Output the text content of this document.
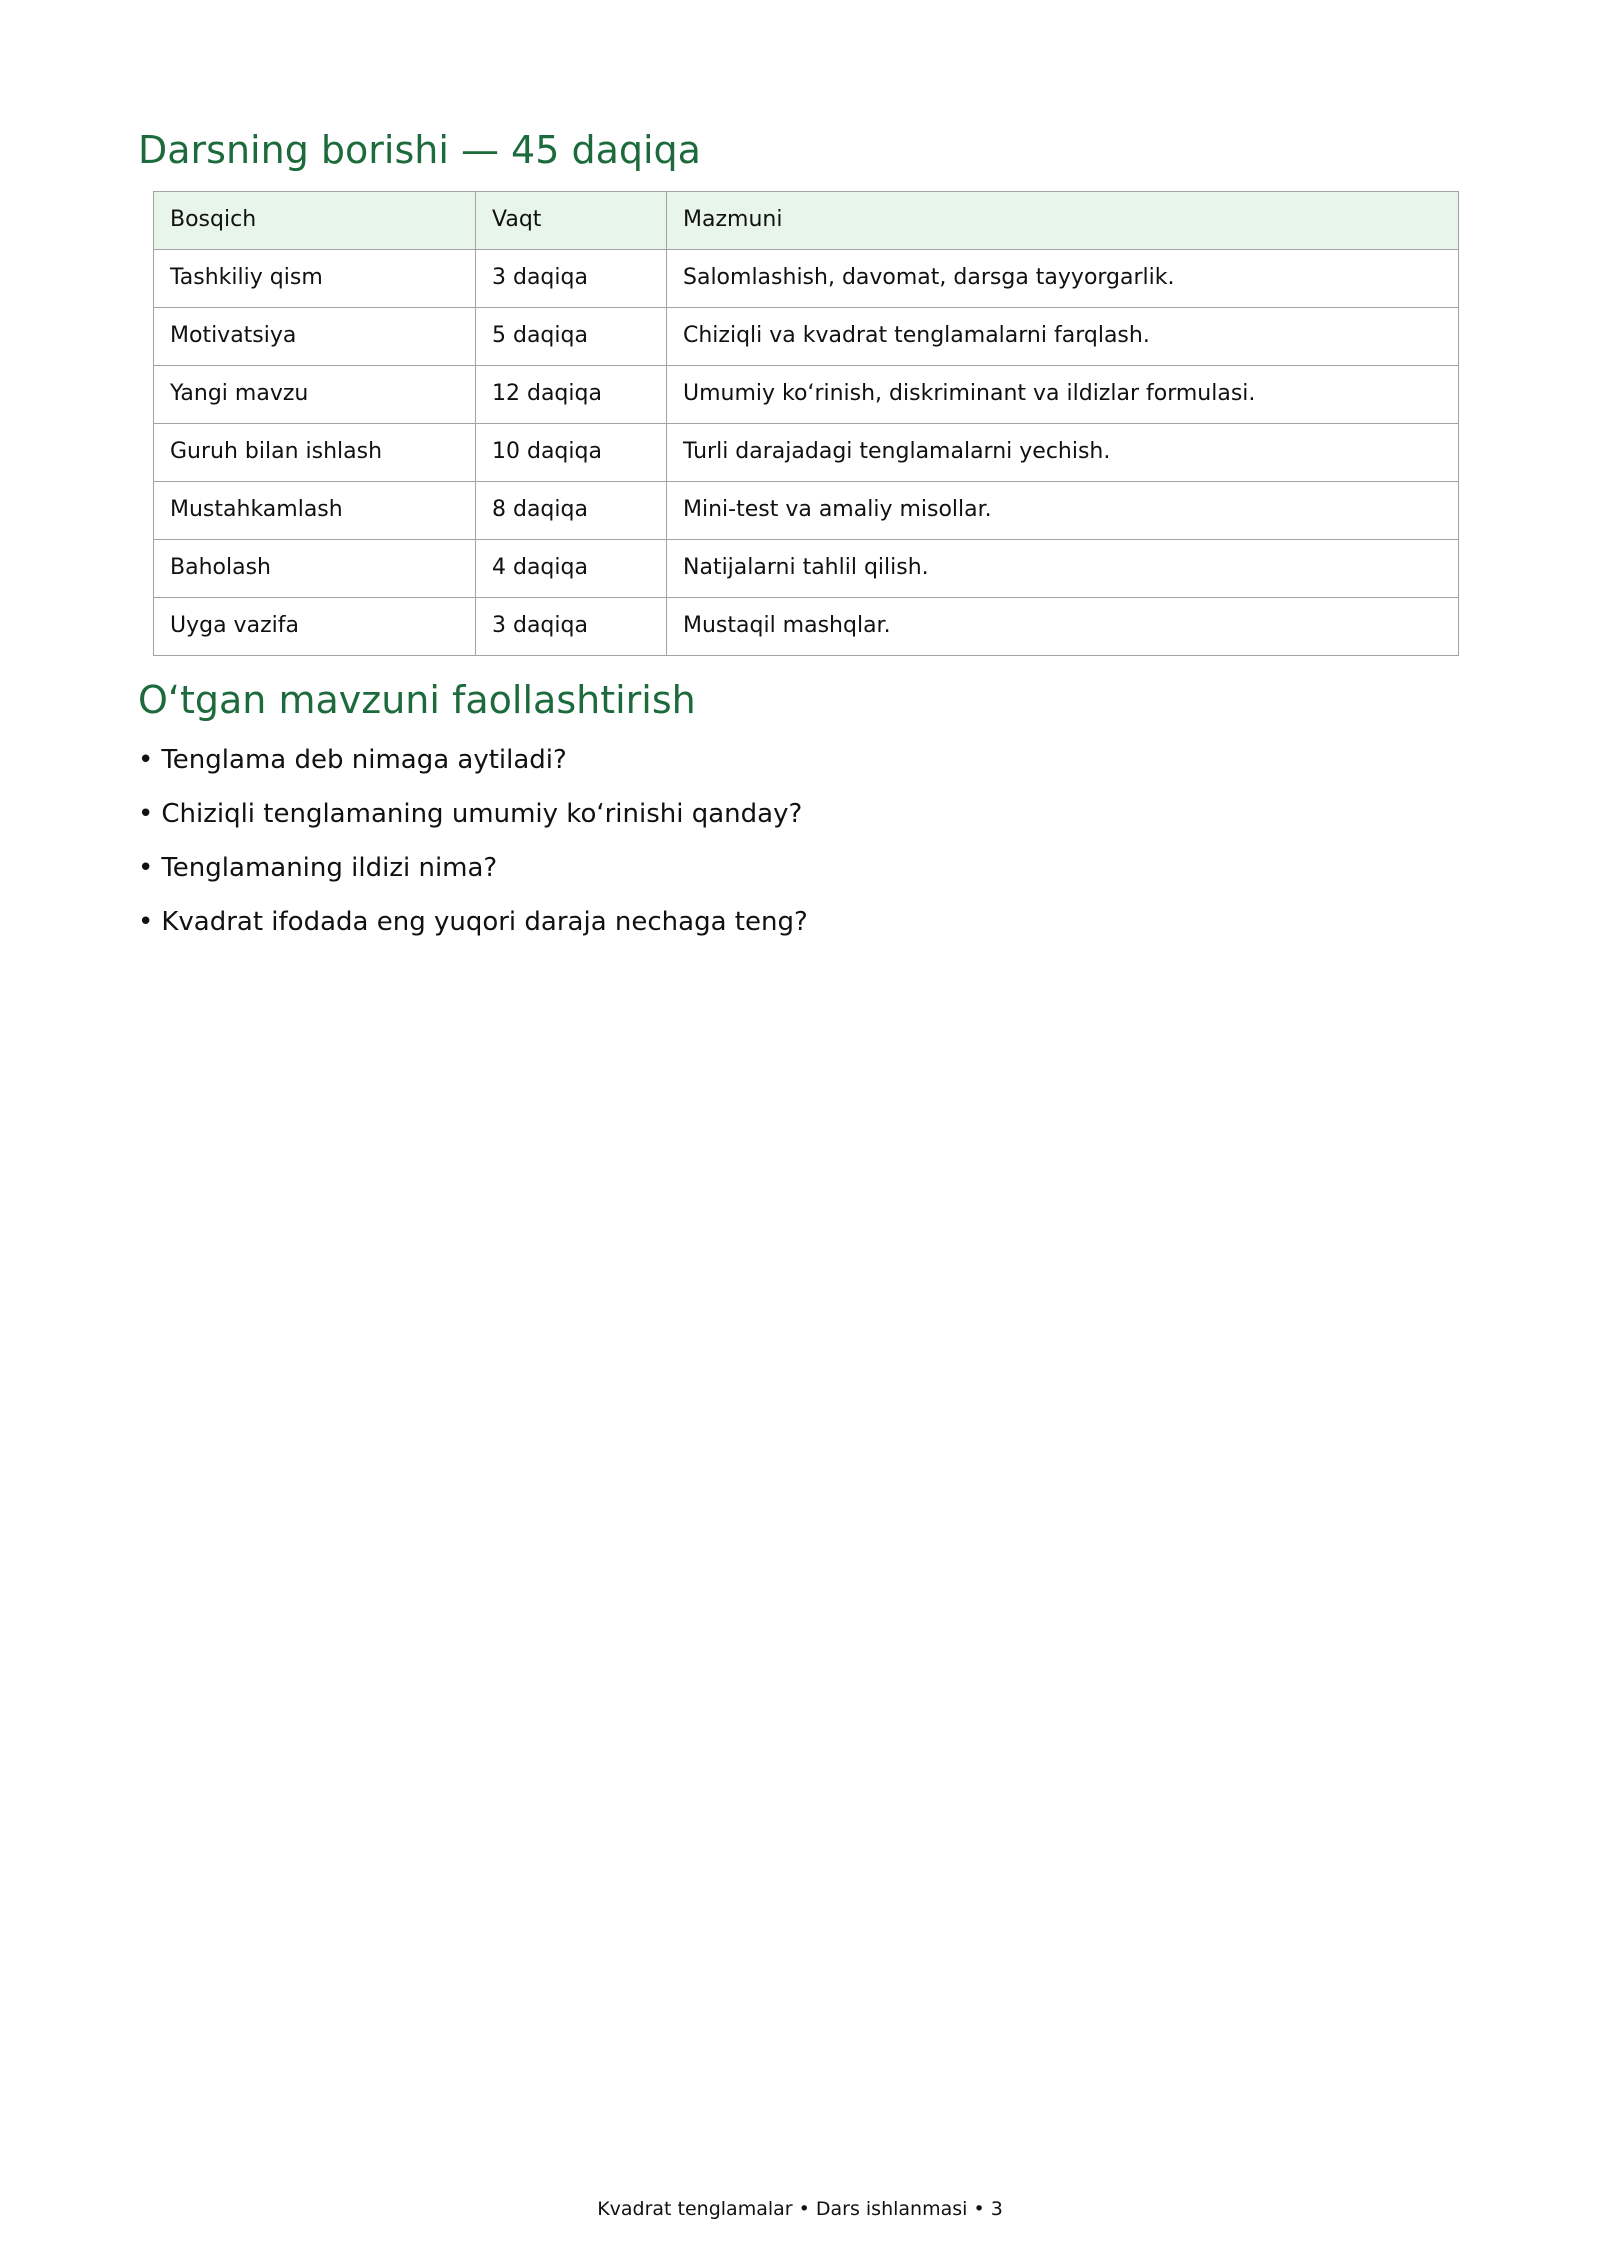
Darsning borishi — 45 daqiqa
Bosqich	Vaqt	Mazmuni
Tashkiliy qism	3 daqiqa	Salomlashish, davomat, darsga tayyorgarlik.
Motivatsiya	5 daqiqa	Chiziqli va kvadrat tenglamalarni farqlash.
Yangi mavzu	12 daqiqa	Umumiy ko‘rinish, diskriminant va ildizlar formulasi.
Guruh bilan ishlash	10 daqiqa	Turli darajadagi tenglamalarni yechish.
Mustahkamlash	8 daqiqa	Mini-test va amaliy misollar.
Baholash	4 daqiqa	Natijalarni tahlil qilish.
Uyga vazifa	3 daqiqa	Mustaqil mashqlar.
O‘tgan mavzuni faollashtirish
• Tenglama deb nimaga aytiladi?
• Chiziqli tenglamaning umumiy ko‘rinishi qanday?
• Tenglamaning ildizi nima?
• Kvadrat ifodada eng yuqori daraja nechaga teng?
Kvadrat tenglamalar • Dars ishlanmasi • 3
